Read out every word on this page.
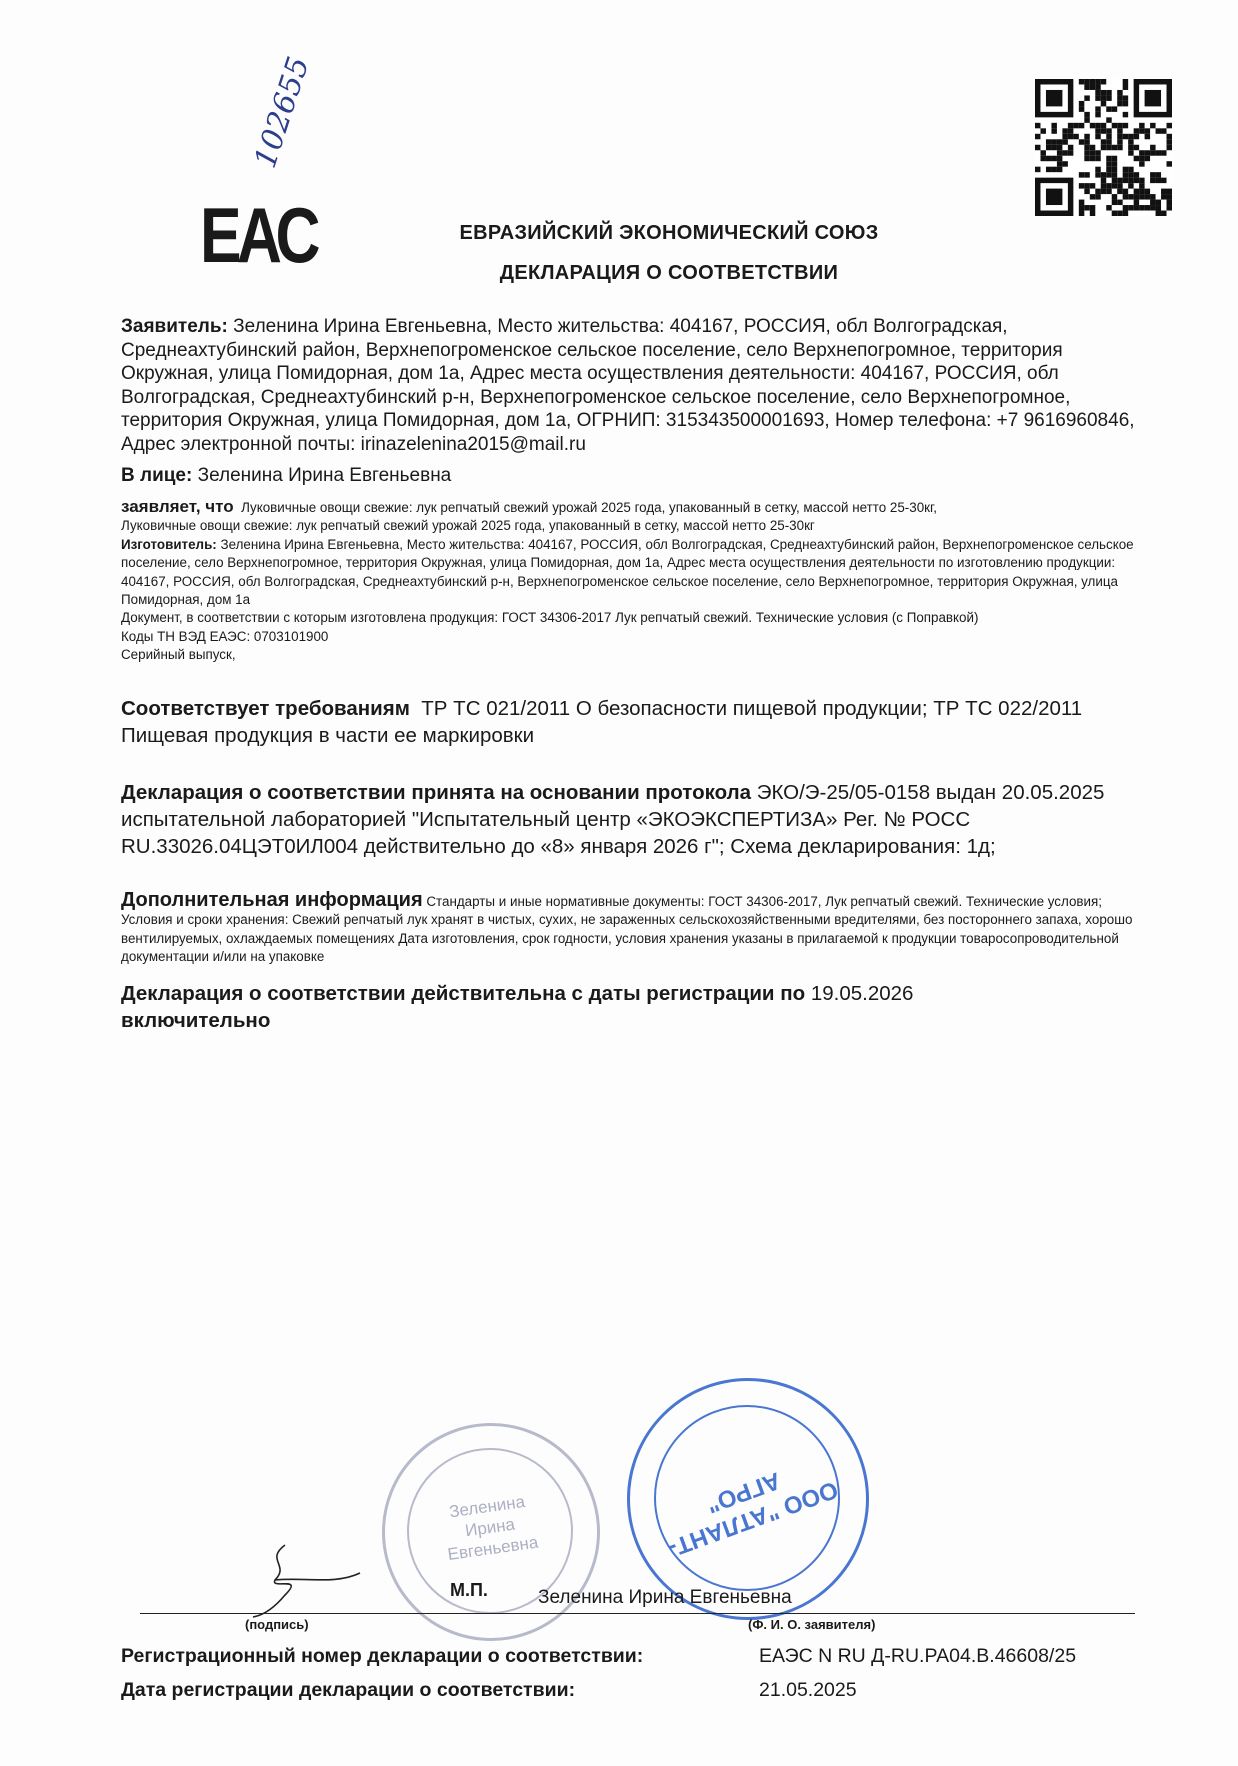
102655
ЕАС	ЕВРАЗИЙСКИЙ ЭКОНОМИЧЕСКИЙ СОЮЗ
ДЕКЛАРАЦИЯ О СООТВЕТСТВИИ
Заявитель: Зеленина Ирина Евгеньевна, Место жительства: 404167, РОССИЯ, обл Волгоградская, Среднеахтубинский район, Верхнепогроменское сельское поселение, село Верхнепогромное, территория Окружная, улица Помидорная, дом 1а, Адрес места осуществления деятельности: 404167, РОССИЯ, обл Волгоградская, Среднеахтубинский р-н, Верхнепогроменское сельское поселение, село Верхнепогромное, территория Окружная, улица Помидорная, дом 1а, ОГРНИП: 315343500001693, Номер телефона: +7 9616960846, Адрес электронной почты: irinazelenina2015@mail.ru
В лице: Зеленина Ирина Евгеньевна
заявляет, что Луковичные овощи свежие: лук репчатый свежий урожай 2025 года, упакованный в сетку, массой нетто 25-30кг,
Луковичные овощи свежие: лук репчатый свежий урожай 2025 года, упакованный в сетку, массой нетто 25-30кг
Изготовитель: Зеленина Ирина Евгеньевна, Место жительства: 404167, РОССИЯ, обл Волгоградская, Среднеахтубинский район, Верхнепогроменское сельское поселение, село Верхнепогромное, территория Окружная, улица Помидорная, дом 1а, Адрес места осуществления деятельности по изготовлению продукции: 404167, РОССИЯ, обл Волгоградская, Среднеахтубинский р-н, Верхнепогроменское сельское поселение, село Верхнепогромное, территория Окружная, улица Помидорная, дом 1а
Документ, в соответствии с которым изготовлена продукция: ГОСТ 34306-2017 Лук репчатый свежий. Технические условия (с Поправкой)
Коды ТН ВЭД ЕАЭС: 0703101900
Серийный выпуск,
Соответствует требованиям ТР ТС 021/2011 О безопасности пищевой продукции; ТР ТС 022/2011 Пищевая продукция в части ее маркировки
Декларация о соответствии принята на основании протокола ЭКО/Э-25/05-0158 выдан 20.05.2025 испытательной лабораторией "Испытательный центр «ЭКОЭКСПЕРТИЗА» Рег. № РОСС RU.33026.04ЦЭТ0ИЛ004 действительно до «8» января 2026 г"; Схема декларирования: 1д;
Дополнительная информация Стандарты и иные нормативные документы: ГОСТ 34306-2017, Лук репчатый свежий. Технические условия; Условия и сроки хранения: Свежий репчатый лук хранят в чистых, сухих, не зараженных сельскохозяйственными вредителями, без постороннего запаха, хорошо вентилируемых, охлаждаемых помещениях Дата изготовления, срок годности, условия хранения указаны в прилагаемой к продукции товаросопроводительной документации и/или на упаковке
Декларация о соответствии действительна с даты регистрации по 19.05.2026
включительно
Зеленина Ирина Евгеньевна	ООО "АТЛАНТ-АГРО"
М.П.	Зеленина Ирина Евгеньевна
(подпись)	(Ф. И. О. заявителя)
Регистрационный номер декларации о соответствии:	ЕАЭС N RU Д-RU.РА04.В.46608/25
Дата регистрации декларации о соответствии:	21.05.2025
